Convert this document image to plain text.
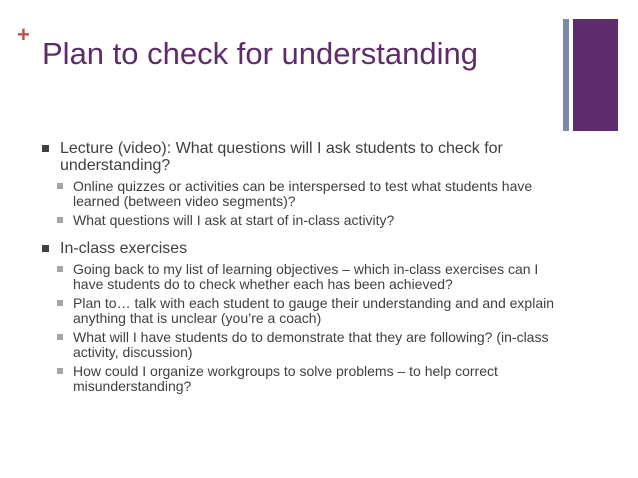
+
Plan to check for understanding
Lecture (video): What questions will I ask students to check for understanding?
Online quizzes or activities can be interspersed to test what students have learned (between video segments)?
What questions will I ask at start of in-class activity?
In-class exercises
Going back to my list of learning objectives – which in-class exercises can I have students do to check whether each has been achieved?
Plan to… talk with each student to gauge their understanding and and explain anything that is unclear (you’re a coach)
What will I have students do to demonstrate that they are following? (in-class activity, discussion)
How could I organize workgroups to solve problems – to help correct misunderstanding?
